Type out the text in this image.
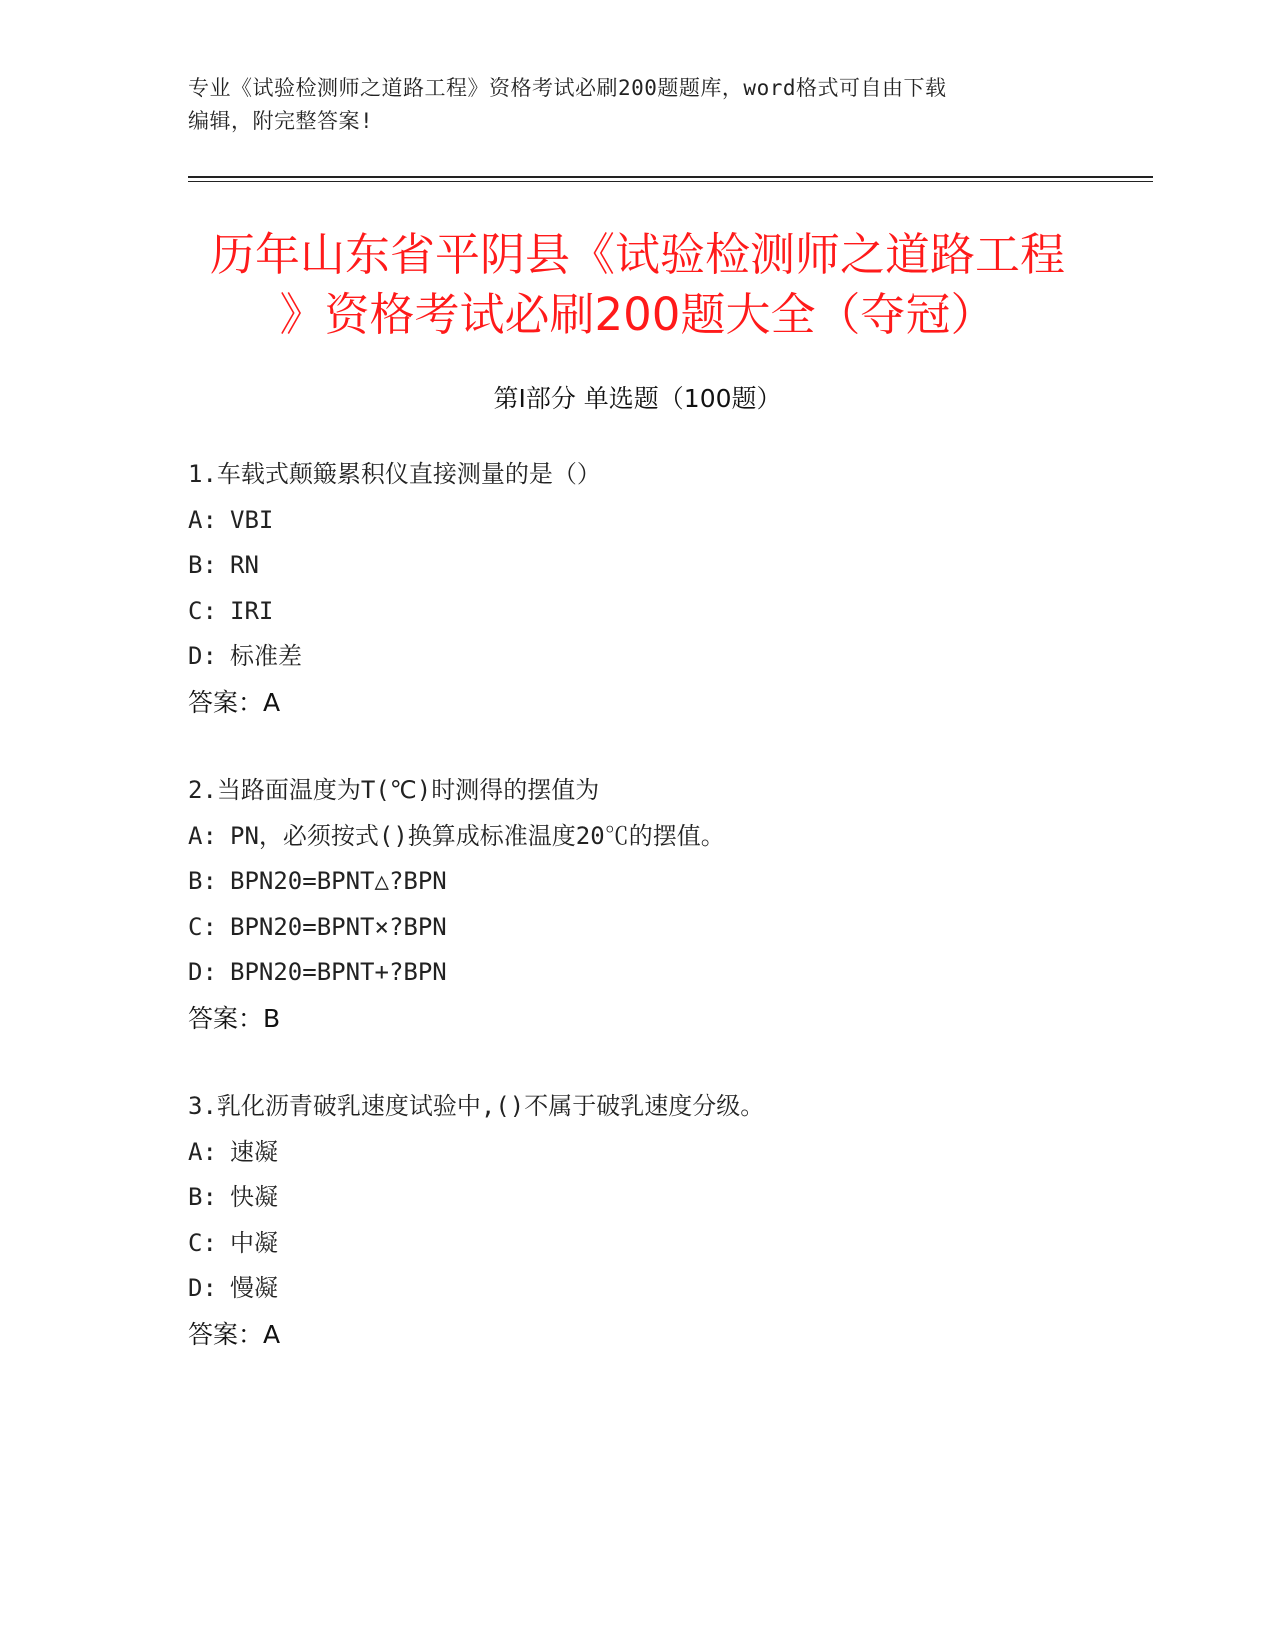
专业《试验检测师之道路工程》资格考试必刷200题题库，word格式可自由下载
编辑，附完整答案!
历年山东省平阴县《试验检测师之道路工程
》资格考试必刷200题大全（夺冠）
第Ⅰ部分 单选题（100题）
1.车载式颠簸累积仪直接测量的是（）
A: VBI
B: RN
C: IRI
D: 标准差
答案：A
2.当路面温度为T(℃)时测得的摆值为
A: PN，必须按式()换算成标准温度20℃的摆值。
B: BPN20=BPNT△?BPN
C: BPN20=BPNT×?BPN
D: BPN20=BPNT+?BPN
答案：B
3.乳化沥青破乳速度试验中,()不属于破乳速度分级。
A: 速凝
B: 快凝
C: 中凝
D: 慢凝
答案：A
